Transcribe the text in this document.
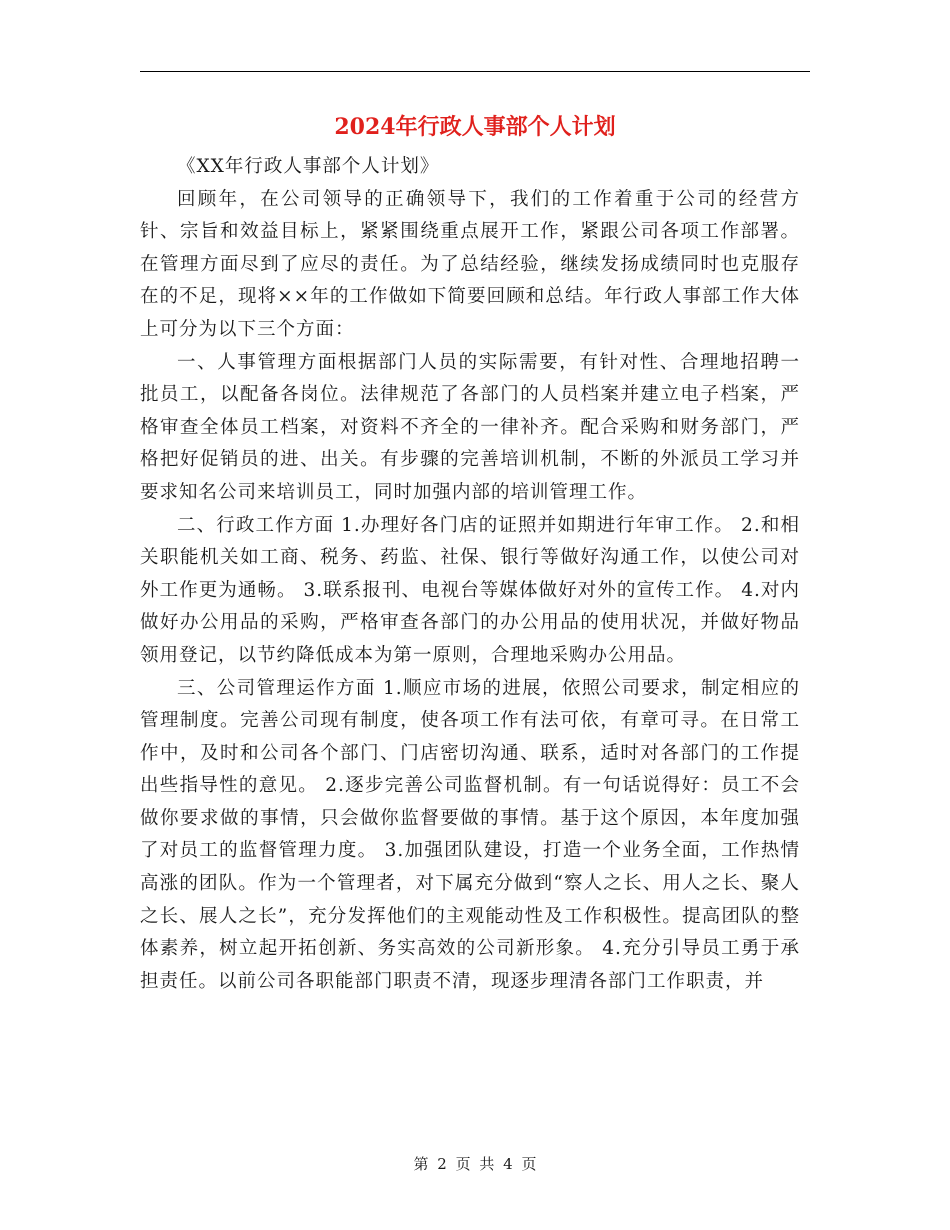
2024年行政人事部个人计划

《XX年行政人事部个人计划》

回顾年，在公司领导的正确领导下，我们的工作着重于公司的经营方针、宗旨和效益目标上，紧紧围绕重点展开工作，紧跟公司各项工作部署。在管理方面尽到了应尽的责任。为了总结经验，继续发扬成绩同时也克服存在的不足，现将××年的工作做如下简要回顾和总结。年行政人事部工作大体上可分为以下三个方面：

一、人事管理方面根据部门人员的实际需要，有针对性、合理地招聘一批员工，以配备各岗位。法律规范了各部门的人员档案并建立电子档案，严格审查全体员工档案，对资料不齐全的一律补齐。配合采购和财务部门，严格把好促销员的进、出关。有步骤的完善培训机制，不断的外派员工学习并要求知名公司来培训员工，同时加强内部的培训管理工作。

二、行政工作方面 1.办理好各门店的证照并如期进行年审工作。 2.和相关职能机关如工商、税务、药监、社保、银行等做好沟通工作，以使公司对外工作更为通畅。 3.联系报刊、电视台等媒体做好对外的宣传工作。 4.对内做好办公用品的采购，严格审查各部门的办公用品的使用状况，并做好物品领用登记，以节约降低成本为第一原则，合理地采购办公用品。

三、公司管理运作方面 1.顺应市场的进展，依照公司要求，制定相应的管理制度。完善公司现有制度，使各项工作有法可依，有章可寻。在日常工作中，及时和公司各个部门、门店密切沟通、联系，适时对各部门的工作提出些指导性的意见。 2.逐步完善公司监督机制。有一句话说得好：员工不会做你要求做的事情，只会做你监督要做的事情。基于这个原因，本年度加强了对员工的监督管理力度。 3.加强团队建设，打造一个业务全面，工作热情高涨的团队。作为一个管理者，对下属充分做到“察人之长、用人之长、聚人之长、展人之长”，充分发挥他们的主观能动性及工作积极性。提高团队的整体素养，树立起开拓创新、务实高效的公司新形象。 4.充分引导员工勇于承担责任。以前公司各职能部门职责不清，现逐步理清各部门工作职责，并

第 2 页 共 4 页
